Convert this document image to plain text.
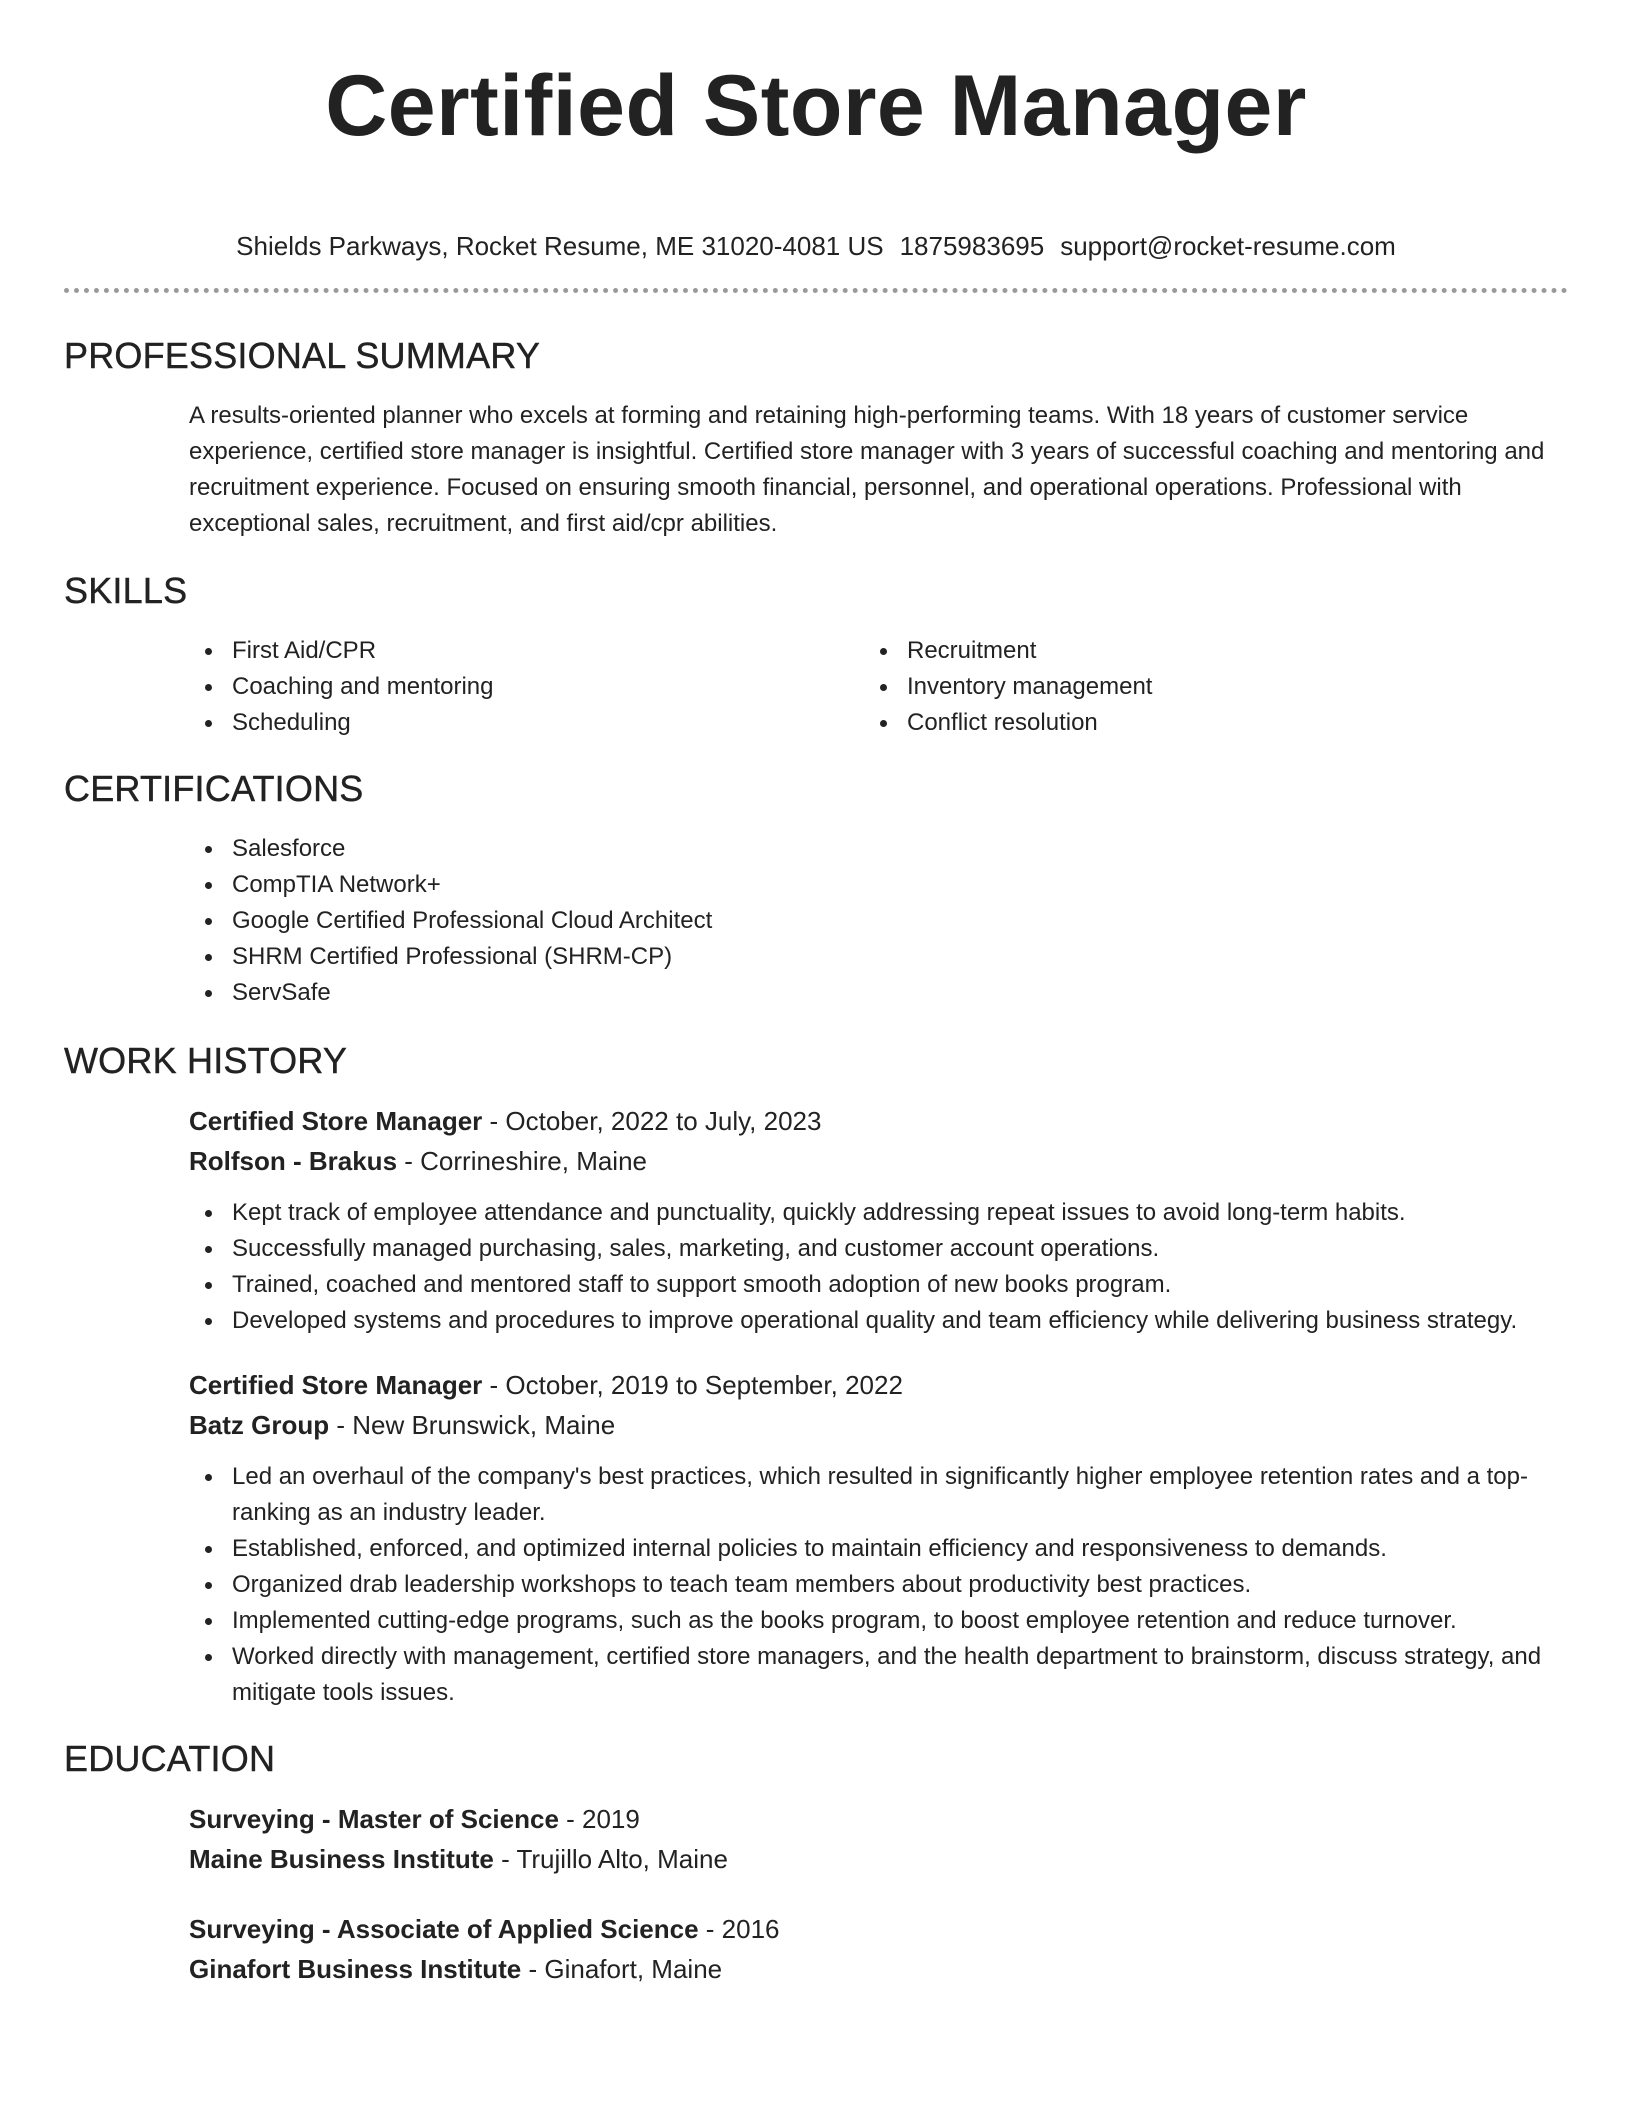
Certified Store Manager
Shields Parkways, Rocket Resume, ME 31020-4081 US 1875983695 support@rocket-resume.com
PROFESSIONAL SUMMARY
A results-oriented planner who excels at forming and retaining high-performing teams. With 18 years of customer service experience, certified store manager is insightful. Certified store manager with 3 years of successful coaching and mentoring and recruitment experience. Focused on ensuring smooth financial, personnel, and operational operations. Professional with exceptional sales, recruitment, and first aid/cpr abilities.
SKILLS
First Aid/CPR
Coaching and mentoring
Scheduling
Recruitment
Inventory management
Conflict resolution
CERTIFICATIONS
Salesforce
CompTIA Network+
Google Certified Professional Cloud Architect
SHRM Certified Professional (SHRM-CP)
ServSafe
WORK HISTORY
Certified Store Manager - October, 2022 to July, 2023
Rolfson - Brakus - Corrineshire, Maine
Kept track of employee attendance and punctuality, quickly addressing repeat issues to avoid long-term habits.
Successfully managed purchasing, sales, marketing, and customer account operations.
Trained, coached and mentored staff to support smooth adoption of new books program.
Developed systems and procedures to improve operational quality and team efficiency while delivering business strategy.
Certified Store Manager - October, 2019 to September, 2022
Batz Group - New Brunswick, Maine
Led an overhaul of the company's best practices, which resulted in significantly higher employee retention rates and a top-ranking as an industry leader.
Established, enforced, and optimized internal policies to maintain efficiency and responsiveness to demands.
Organized drab leadership workshops to teach team members about productivity best practices.
Implemented cutting-edge programs, such as the books program, to boost employee retention and reduce turnover.
Worked directly with management, certified store managers, and the health department to brainstorm, discuss strategy, and mitigate tools issues.
EDUCATION
Surveying - Master of Science - 2019
Maine Business Institute - Trujillo Alto, Maine
Surveying - Associate of Applied Science - 2016
Ginafort Business Institute - Ginafort, Maine
